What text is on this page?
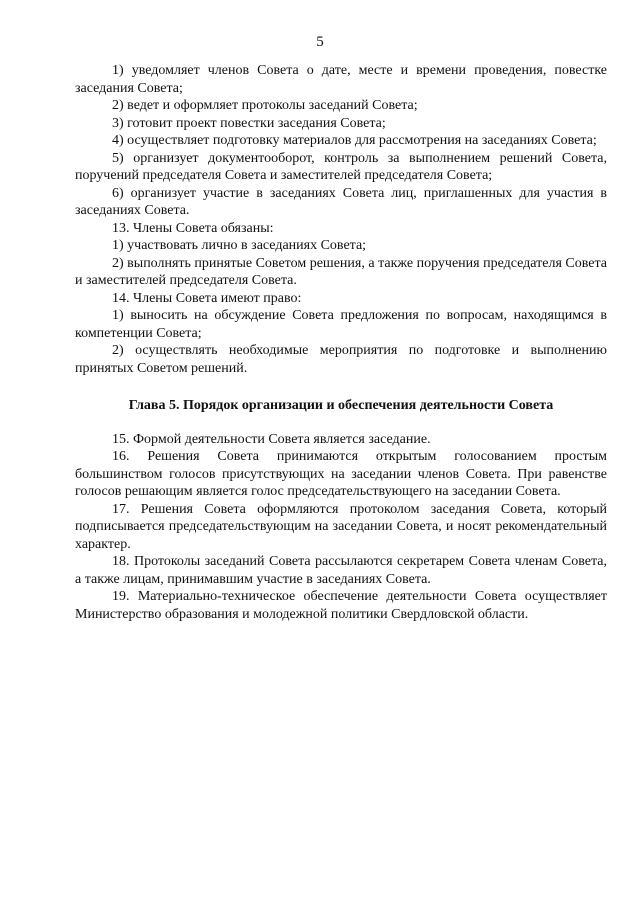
5

1) уведомляет членов Совета о дате, месте и времени проведения, повестке заседания Совета;

2) ведет и оформляет протоколы заседаний Совета;

3) готовит проект повестки заседания Совета;

4) осуществляет подготовку материалов для рассмотрения на заседаниях Совета;

5) организует документооборот, контроль за выполнением решений Совета, поручений председателя Совета и заместителей председателя Совета;

6) организует участие в заседаниях Совета лиц, приглашенных для участия в заседаниях Совета.

13. Члены Совета обязаны:

1) участвовать лично в заседаниях Совета;

2) выполнять принятые Советом решения, а также поручения председателя Совета и заместителей председателя Совета.

14. Члены Совета имеют право:

1) выносить на обсуждение Совета предложения по вопросам, находящимся в компетенции Совета;

2) осуществлять необходимые мероприятия по подготовке и выполнению принятых Советом решений.

Глава 5. Порядок организации и обеспечения деятельности Совета

15. Формой деятельности Совета является заседание.

16. Решения Совета принимаются открытым голосованием простым большинством голосов присутствующих на заседании членов Совета. При равенстве голосов решающим является голос председательствующего на заседании Совета.

17. Решения Совета оформляются протоколом заседания Совета, который подписывается председательствующим на заседании Совета, и носят рекомендательный характер.

18. Протоколы заседаний Совета рассылаются секретарем Совета членам Совета, а также лицам, принимавшим участие в заседаниях Совета.

19. Материально-техническое обеспечение деятельности Совета осуществляет Министерство образования и молодежной политики Свердловской области.
